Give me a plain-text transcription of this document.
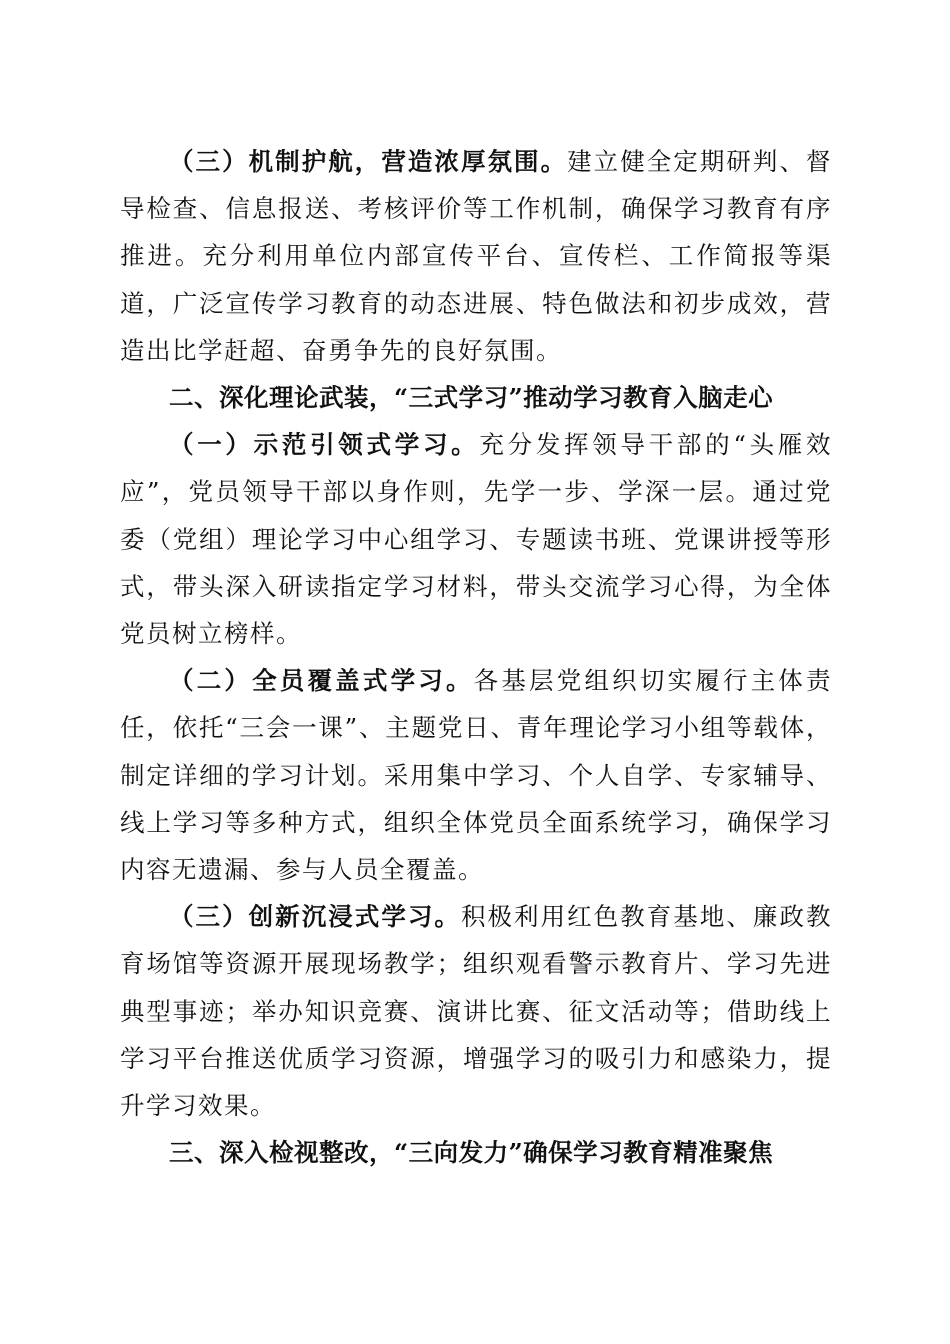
（三）机制护航，营造浓厚氛围。建立健全定期研判、督导检查、信息报送、考核评价等工作机制，确保学习教育有序推进。充分利用单位内部宣传平台、宣传栏、工作简报等渠道，广泛宣传学习教育的动态进展、特色做法和初步成效，营造出比学赶超、奋勇争先的良好氛围。

二、深化理论武装，“三式学习”推动学习教育入脑走心

（一）示范引领式学习。充分发挥领导干部的“头雁效应”，党员领导干部以身作则，先学一步、学深一层。通过党委（党组）理论学习中心组学习、专题读书班、党课讲授等形式，带头深入研读指定学习材料，带头交流学习心得，为全体党员树立榜样。

（二）全员覆盖式学习。各基层党组织切实履行主体责任，依托“三会一课”、主题党日、青年理论学习小组等载体，制定详细的学习计划。采用集中学习、个人自学、专家辅导、线上学习等多种方式，组织全体党员全面系统学习，确保学习内容无遗漏、参与人员全覆盖。

（三）创新沉浸式学习。积极利用红色教育基地、廉政教育场馆等资源开展现场教学；组织观看警示教育片、学习先进典型事迹；举办知识竞赛、演讲比赛、征文活动等；借助线上学习平台推送优质学习资源，增强学习的吸引力和感染力，提升学习效果。

三、深入检视整改，“三向发力”确保学习教育精准聚焦
